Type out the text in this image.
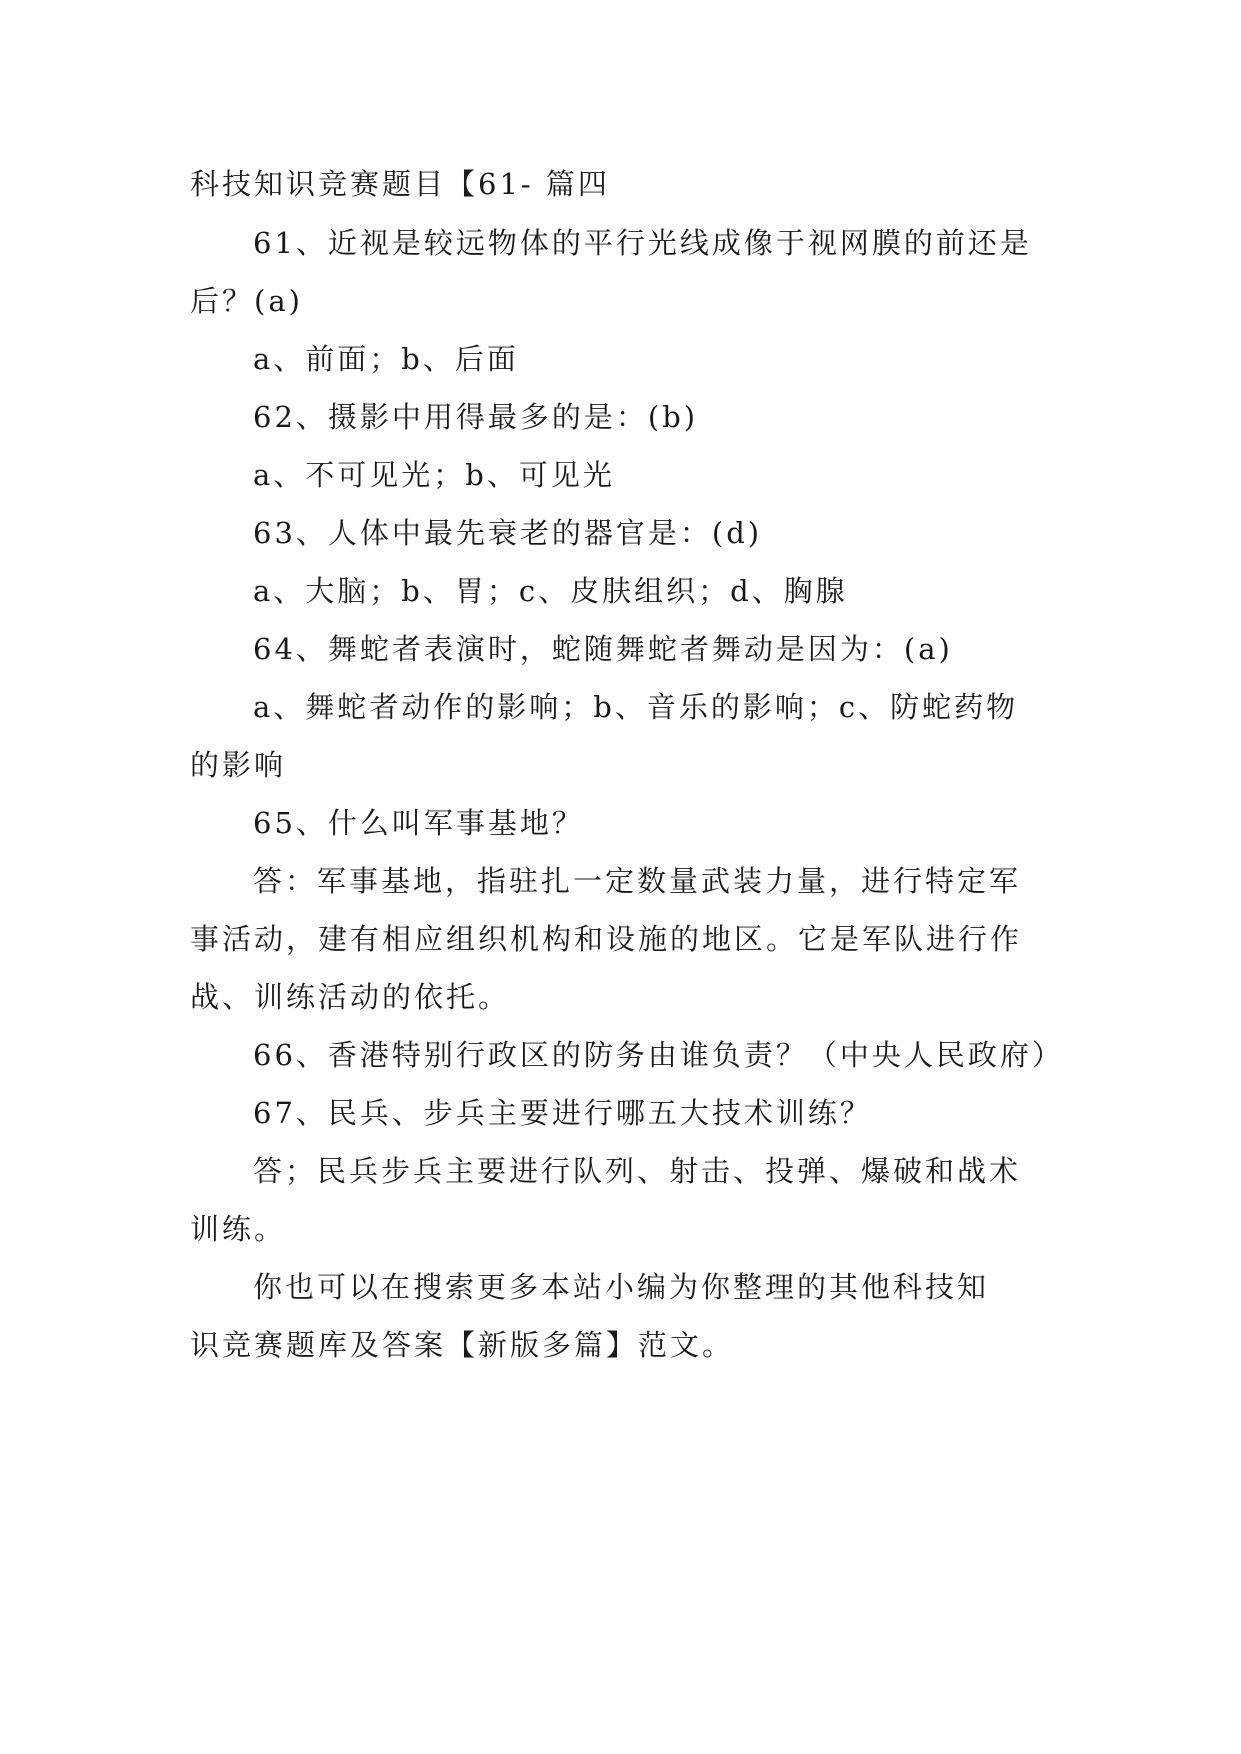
科技知识竞赛题目【61- 篇四
61、近视是较远物体的平行光线成像于视网膜的前还是
后？(a)
a、前面；b、后面
62、摄影中用得最多的是：(b)
a、不可见光；b、可见光
63、人体中最先衰老的器官是：(d)
a、大脑；b、胃；c、皮肤组织；d、胸腺
64、舞蛇者表演时，蛇随舞蛇者舞动是因为：(a)
a、舞蛇者动作的影响；b、音乐的影响；c、防蛇药物
的影响
65、什么叫军事基地？
答：军事基地，指驻扎一定数量武装力量，进行特定军
事活动，建有相应组织机构和设施的地区。它是军队进行作
战、训练活动的依托。
66、香港特别行政区的防务由谁负责？（中央人民政府）
67、民兵、步兵主要进行哪五大技术训练？
答；民兵步兵主要进行队列、射击、投弹、爆破和战术
训练。
你也可以在搜索更多本站小编为你整理的其他科技知
识竞赛题库及答案【新版多篇】范文。
